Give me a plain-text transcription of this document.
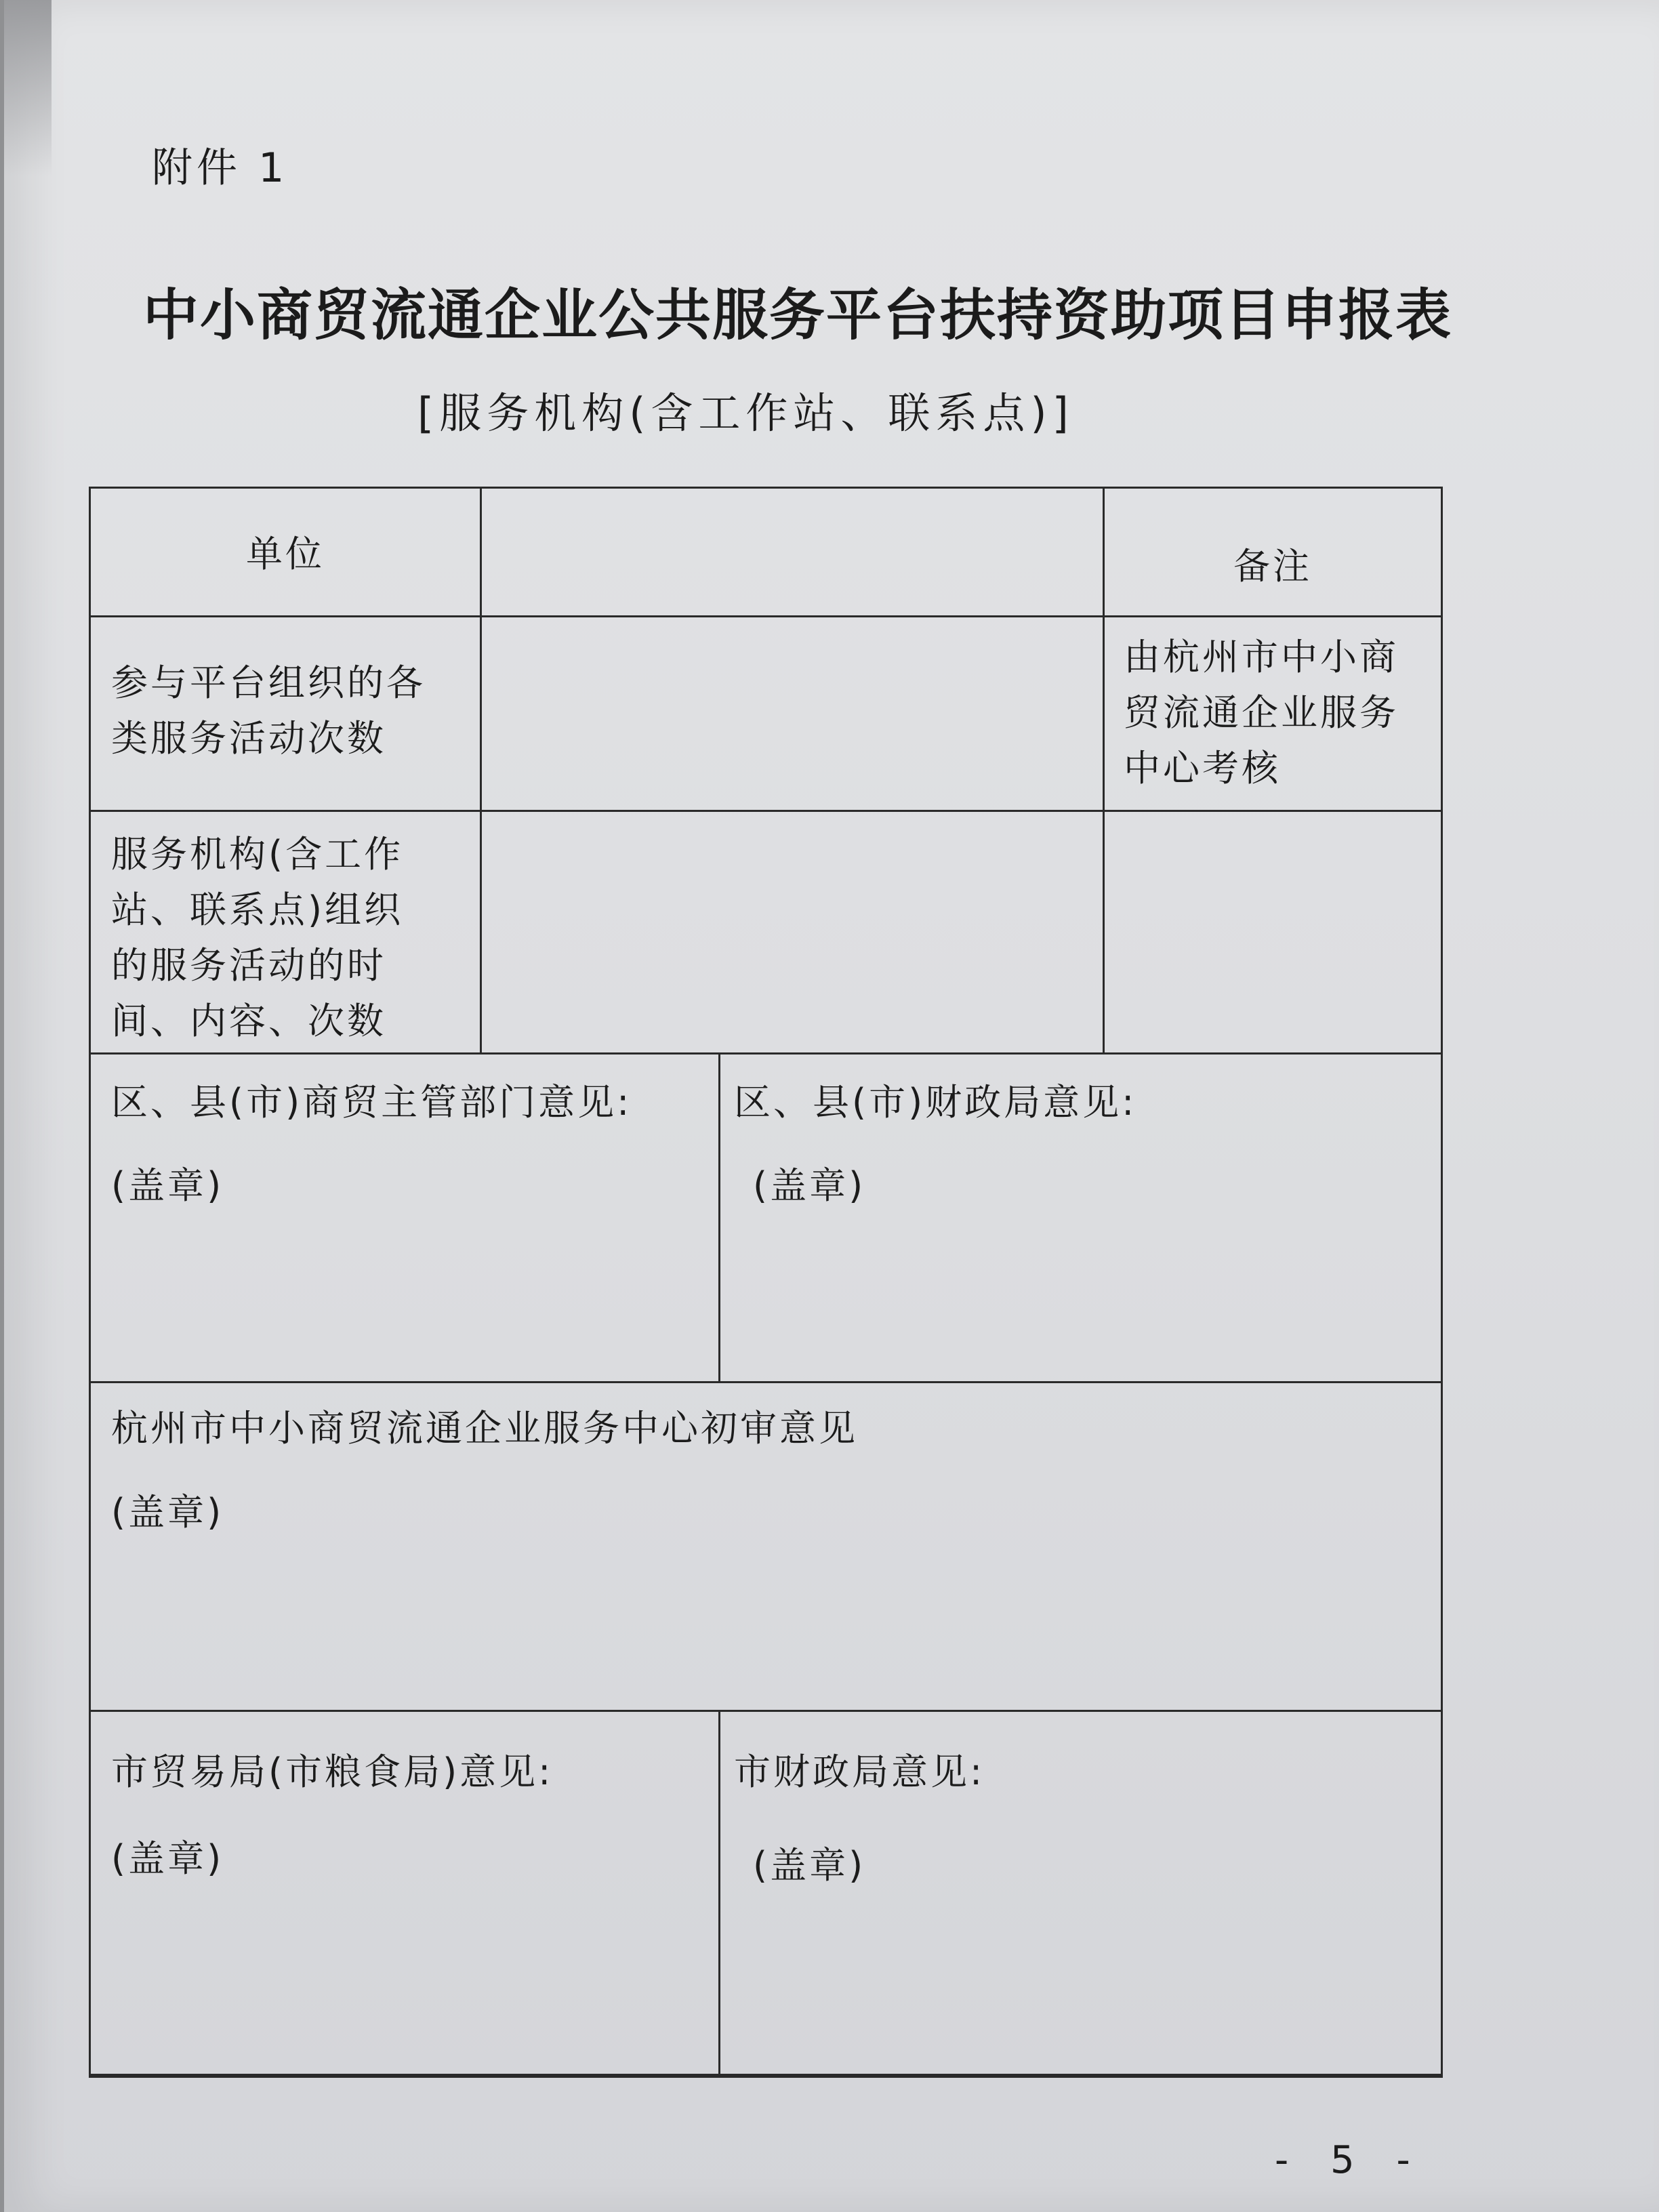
附件 1
中小商贸流通企业公共服务平台扶持资助项目申报表
[服务机构(含工作站、联系点)]
单位	备注
参与平台组织的各
类服务活动次数
由杭州市中小商
贸流通企业服务
中心考核
服务机构(含工作
站、联系点)组织
的服务活动的时
间、内容、次数
区、县(市)商贸主管部门意见:
(盖章)
区、县(市)财政局意见:
(盖章)
杭州市中小商贸流通企业服务中心初审意见
(盖章)
市贸易局(市粮食局)意见:
(盖章)
市财政局意见:
(盖章)
- 5 -
